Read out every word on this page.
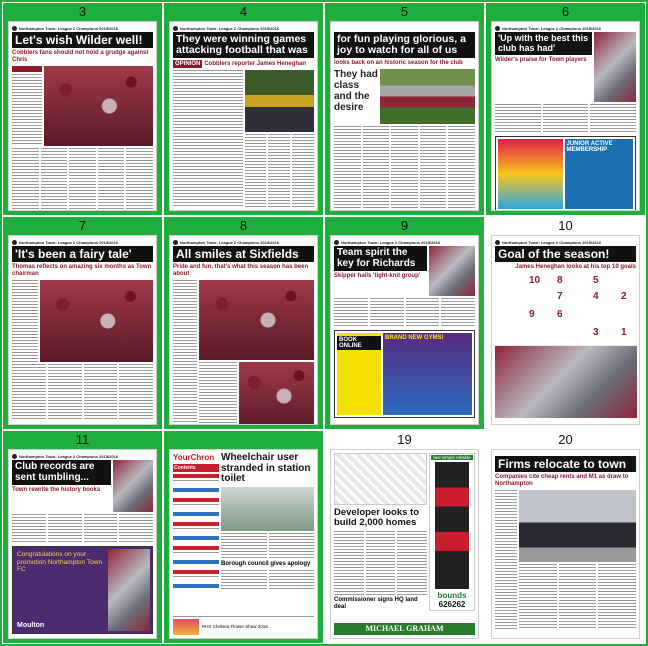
3
Northampton Town: League 2 Champions 2015/2016
Let's wish Wilder well!
Cobblers fans should not hold a grudge against Chris
4
Northampton Town: League 2 Champions 2015/2016
They were winning games attacking football that was
OPINION Cobblers reporter James Heneghan
5
for fun playing glorious, a joy to watch for all of us
looks back on an historic season for the club
They had class and the desire
6
Northampton Town: League 2 Champions 2015/2016
'Up with the best this club has had'
Wilder's praise for Town players
JUNIOR ACTIVE MEMBERSHIP
7
Northampton Town: League 2 Champions 2015/2016
'It's been a fairy tale'
Thomas reflects on amazing six months as Town chairman
8
Northampton Town: League 2 Champions 2015/2016
All smiles at Sixfields
Pride and fun, that's what this season has been about
9
Northampton Town: League 2 Champions 2015/2016
Team spirit the key for Richards
Skipper hails 'tight-knit group'
BOOK ONLINE
BRAND NEW GYMS!
10
Northampton Town: League 2 Champions 2015/2016
Goal of the season!
James Heneghan looks at his top 10 goals
10 8	5
7	4 2
9 6
3 1
11
Northampton Town: League 2 Champions 2015/2016
Club records are sent tumbling...
Town rewrite the history books
Congratulations on your promotion Northampton Town FC
Moulton
18
YourChron
Contents
Wheelchair user stranded in station toilet
Borough council gives apology
RHS Chelsea Flower Show 2016
19
Developer looks to build 2,000 homes
Commissioner signs HQ land deal
fast simple reliable
bounds
626262
MICHAEL GRAHAM
20
Firms relocate to town
Companies cite cheap rents and M1 as draw to Northampton
